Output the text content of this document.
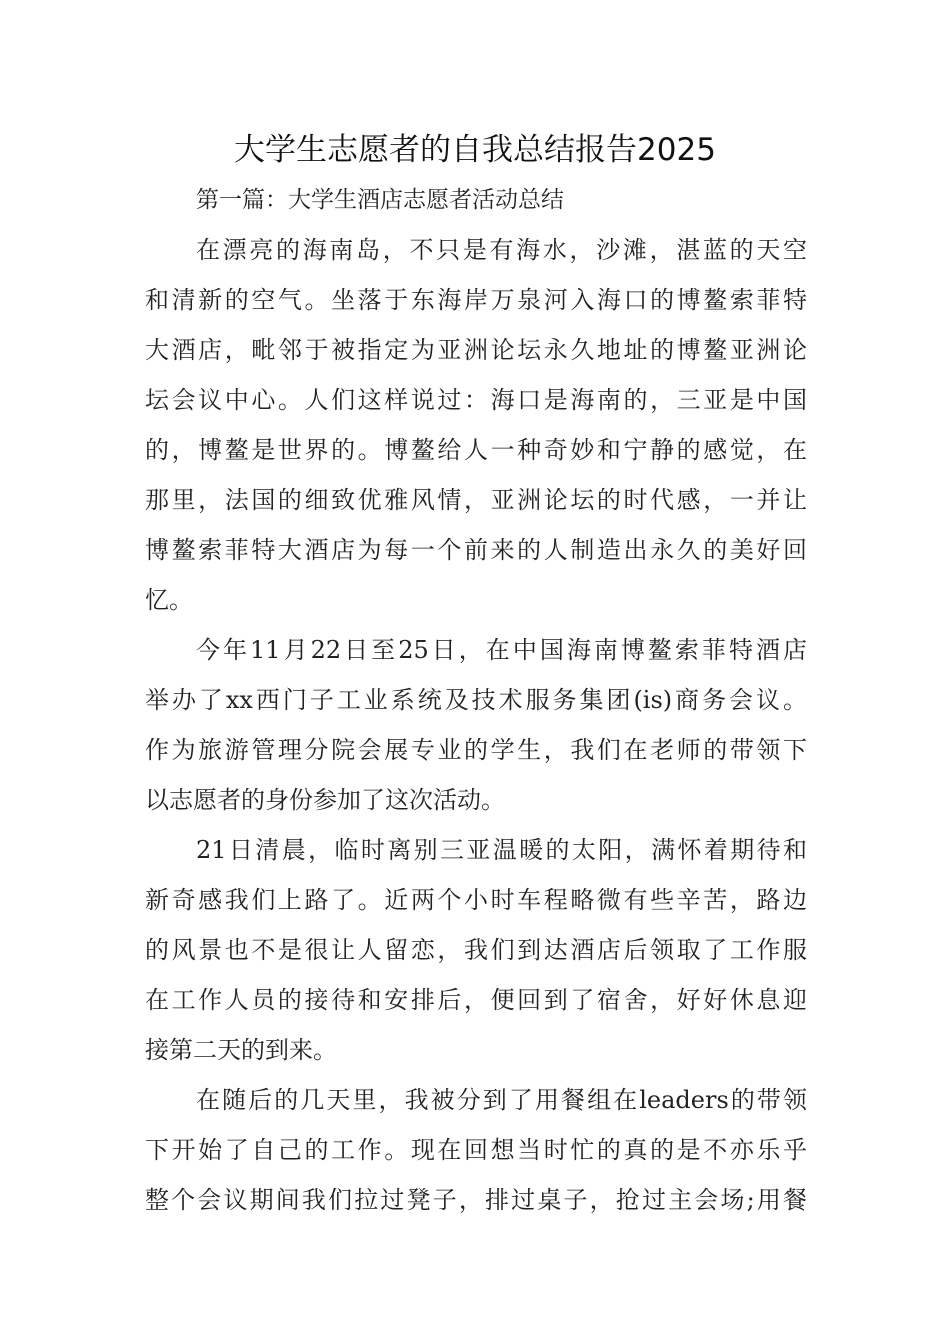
大学生志愿者的自我总结报告2025

第一篇：大学生酒店志愿者活动总结

在漂亮的海南岛，不只是有海水，沙滩，湛蓝的天空
和清新的空气。坐落于东海岸万泉河入海口的博鳌索菲特
大酒店，毗邻于被指定为亚洲论坛永久地址的博鳌亚洲论
坛会议中心。人们这样说过：海口是海南的，三亚是中国
的，博鳌是世界的。博鳌给人一种奇妙和宁静的感觉，在
那里，法国的细致优雅风情，亚洲论坛的时代感，一并让
博鳌索菲特大酒店为每一个前来的人制造出永久的美好回
忆。
今年11月22日至25日，在中国海南博鳌索菲特酒店
举办了xx西门子工业系统及技术服务集团(is)商务会议。
作为旅游管理分院会展专业的学生，我们在老师的带领下
以志愿者的身份参加了这次活动。
21日清晨，临时离别三亚温暖的太阳，满怀着期待和
新奇感我们上路了。近两个小时车程略微有些辛苦，路边
的风景也不是很让人留恋，我们到达酒店后领取了工作服
在工作人员的接待和安排后，便回到了宿舍，好好休息迎
接第二天的到来。
在随后的几天里，我被分到了用餐组在leaders的带领
下开始了自己的工作。现在回想当时忙的真的是不亦乐乎
整个会议期间我们拉过凳子，排过桌子，抢过主会场;用餐
